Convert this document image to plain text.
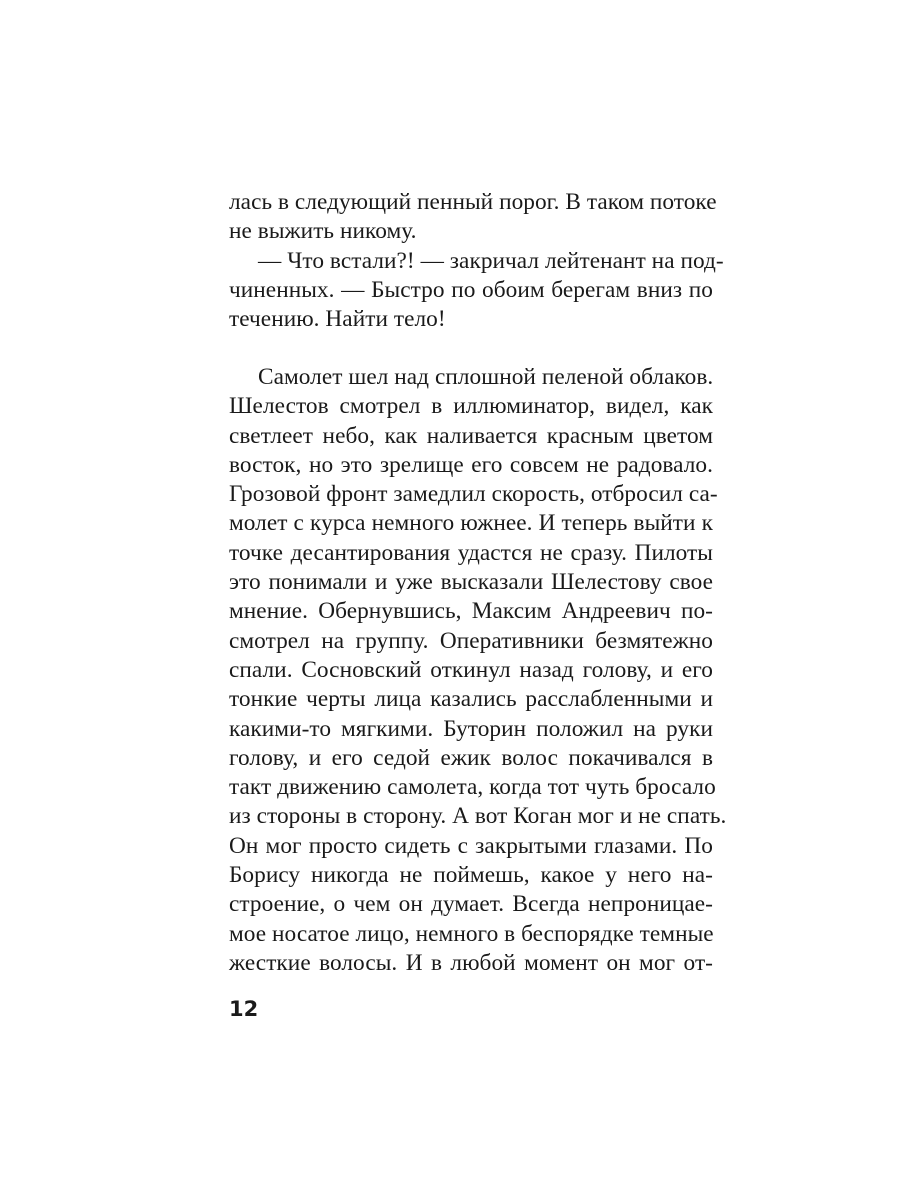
лась в следующий пенный порог. В таком потоке
не выжить никому.
— Что встали?! — закричал лейтенант на под-
чиненных. — Быстро по обоим берегам вниз по
течению. Найти тело!
Самолет шел над сплошной пеленой облаков.
Шелестов смотрел в иллюминатор, видел, как
светлеет небо, как наливается красным цветом
восток, но это зрелище его совсем не радовало.
Грозовой фронт замедлил скорость, отбросил са-
молет с курса немного южнее. И теперь выйти к
точке десантирования удастся не сразу. Пилоты
это понимали и уже высказали Шелестову свое
мнение. Обернувшись, Максим Андреевич по-
смотрел на группу. Оперативники безмятежно
спали. Сосновский откинул назад голову, и его
тонкие черты лица казались расслабленными и
какими-то мягкими. Буторин положил на руки
голову, и его седой ежик волос покачивался в
такт движению самолета, когда тот чуть бросало
из стороны в сторону. А вот Коган мог и не спать.
Он мог просто сидеть с закрытыми глазами. По
Борису никогда не поймешь, какое у него на-
строение, о чем он думает. Всегда непроницае-
мое носатое лицо, немного в беспорядке темные
жесткие волосы. И в любой момент он мог от-
12
